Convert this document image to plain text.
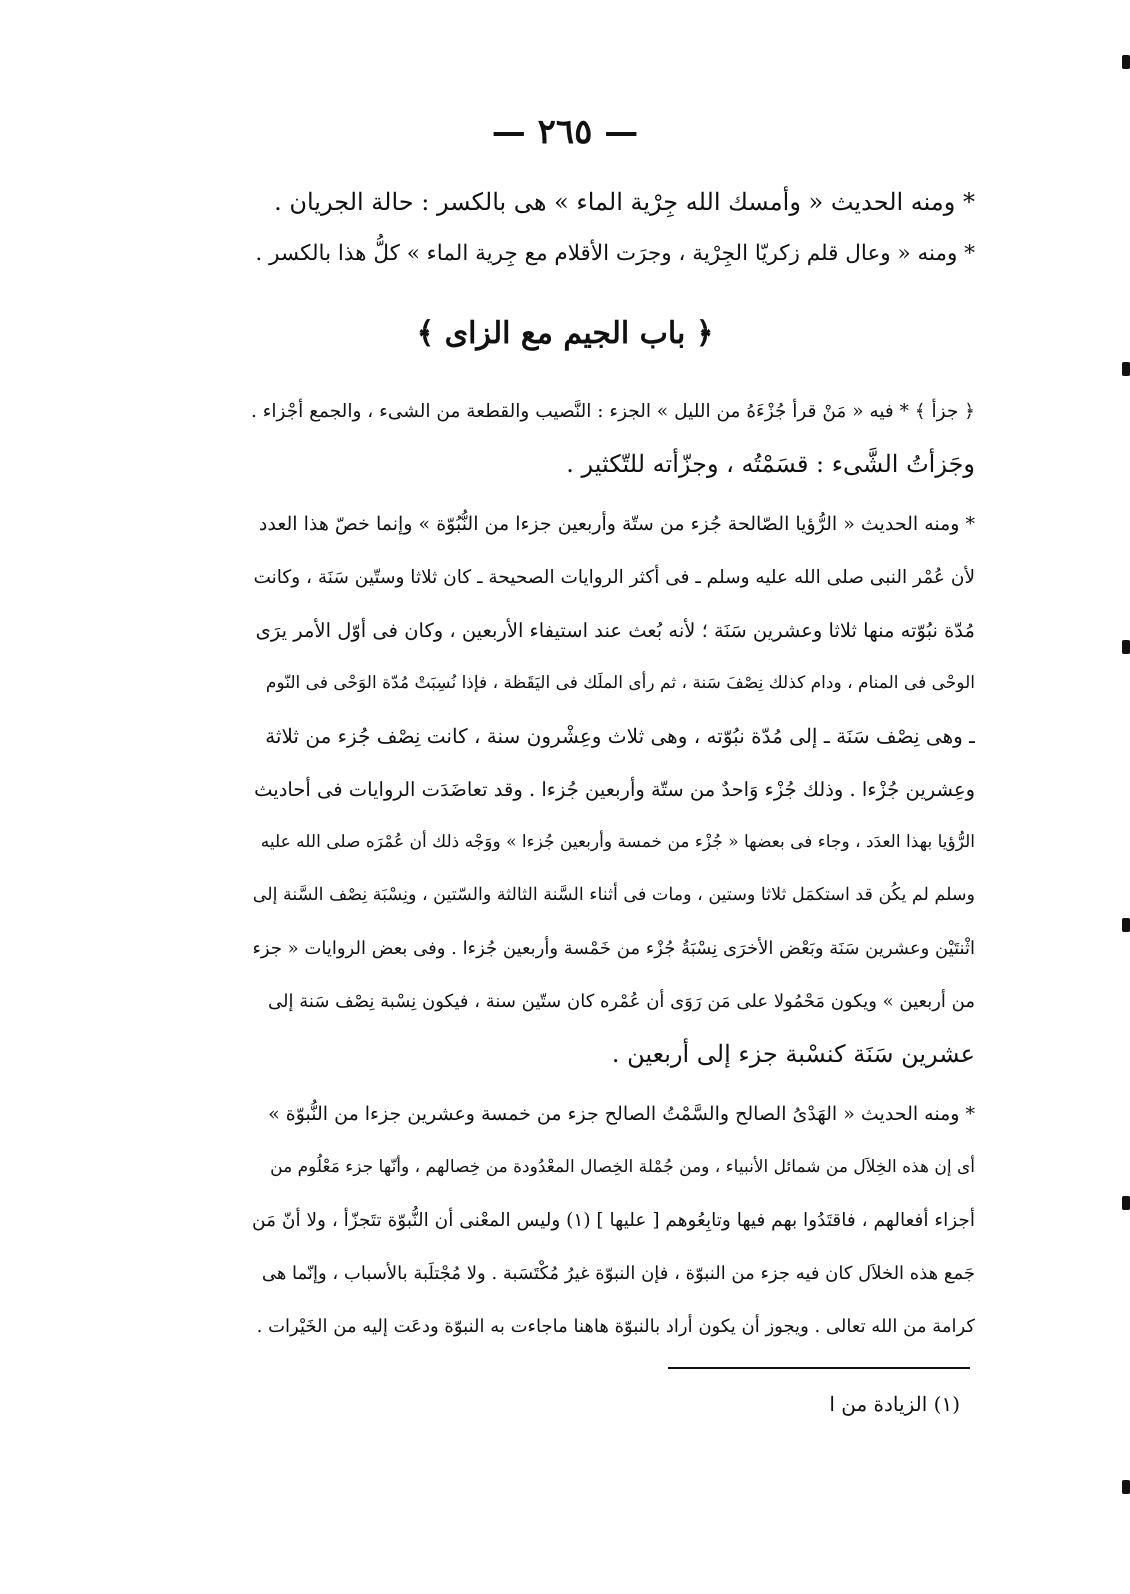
— ٢٦٥ —
* ومنه الحديث « وأمسك الله جِرْية الماء » هى بالكسر : حالة الجريان .
* ومنه « وعال قلم زكريّا الجِرْية ، وجرَت الأقلام مع جِرية الماء » كلُّ هذا بالكسر .
﴿ باب الجيم مع الزاى ﴾
﴿ جزأ ﴾ * فيه « مَنْ قرأ جُزْءَهُ من الليل » الجزء : النَّصيب والقطعة من الشىء ، والجمع أجْزاء .
وجَزأتُ الشَّىء : قسَمْتُه ، وجزّأته للتّكثير .
* ومنه الحديث « الرُّؤيا الصّالحة جُزء من ستّة وأربعين جزءا من النُّبُوّة » وإنما خصّ هذا العدد
لأن عُمْر النبى صلى الله عليه وسلم ـ فى أكثر الروايات الصحيحة ـ كان ثلاثا وستّين سَنَة ، وكانت
مُدّة نبُوّته منها ثلاثا وعشرين سَنَة ؛ لأنه بُعث عند استيفاء الأربعين ، وكان فى أوّل الأمر يرَى
الوحْى فى المنام ، ودام كذلك نِصْفَ سَنة ، ثم رأى الملَك فى اليَقَظة ، فإذا نُسِبَتْ مُدّة الوَحْى فى النّوم
ـ وهى نِصْف سَنَة ـ إلى مُدّة نبُوّته ، وهى ثلاث وعِشْرون سنة ، كانت نِصْف جُزء من ثلاثة
وعِشرين جُزْءا . وذلك جُزْء وَاحدٌ من ستّة وأربعين جُزءا . وقد تعاضَدَت الروايات فى أحاديث
الرُّؤيا بهذا العدَد ، وجاء فى بعضها « جُزْء من خمسة وأربعين جُزءا » ووَجْه ذلك أن عُمْرَه صلى الله عليه
وسلم لم يكُن قد استكمَل ثلاثا وستين ، ومات فى أثناء السَّنة الثالثة والسّتين ، ونِسْبَة نِصْف السَّنة إلى
اثْنتَيْن وعشرين سَنَة وبَعْض الأخرَى نِسْبَةُ جُزْء من خَمْسة وأربعين جُزءا . وفى بعض الروايات « جزء
من أربعين » ويكون مَحْمُولا على مَن رَوَى أن عُمْره كان ستّين سنة ، فيكون نِسْبة نِصْف سَنة إلى
عشرين سَنَة كنسْبة جزء إلى أربعين .
* ومنه الحديث « الهَدْىُ الصالح والسَّمْتُ الصالح جزء من خمسة وعشرين جزءا من النُّبوّة »
أى إن هذه الخِلاَل من شمائل الأنبياء ، ومن جُمْلة الخِصال المعْدُودة من خِصالهم ، وأنّها جزء مَعْلُوم من
أجزاء أفعالهم ، فاقتَدُوا بهم فيها وتابِعُوهم [ عليها ] (١) وليس المعْنى أن النُّبوّة تتَجزّأ ، ولا أنّ مَن
جَمع هذه الخلاَل كان فيه جزء من النبوّة ، فإن النبوّة غيرُ مُكْتَسَبة . ولا مُجْتلَبة بالأسباب ، وإنّما هى
كرامة من الله تعالى . ويجوز أن يكون أراد بالنبوّة هاهنا ماجاءت به النبوّة ودعَت إليه من الخَيْرات .
(١) الزيادة من ا
